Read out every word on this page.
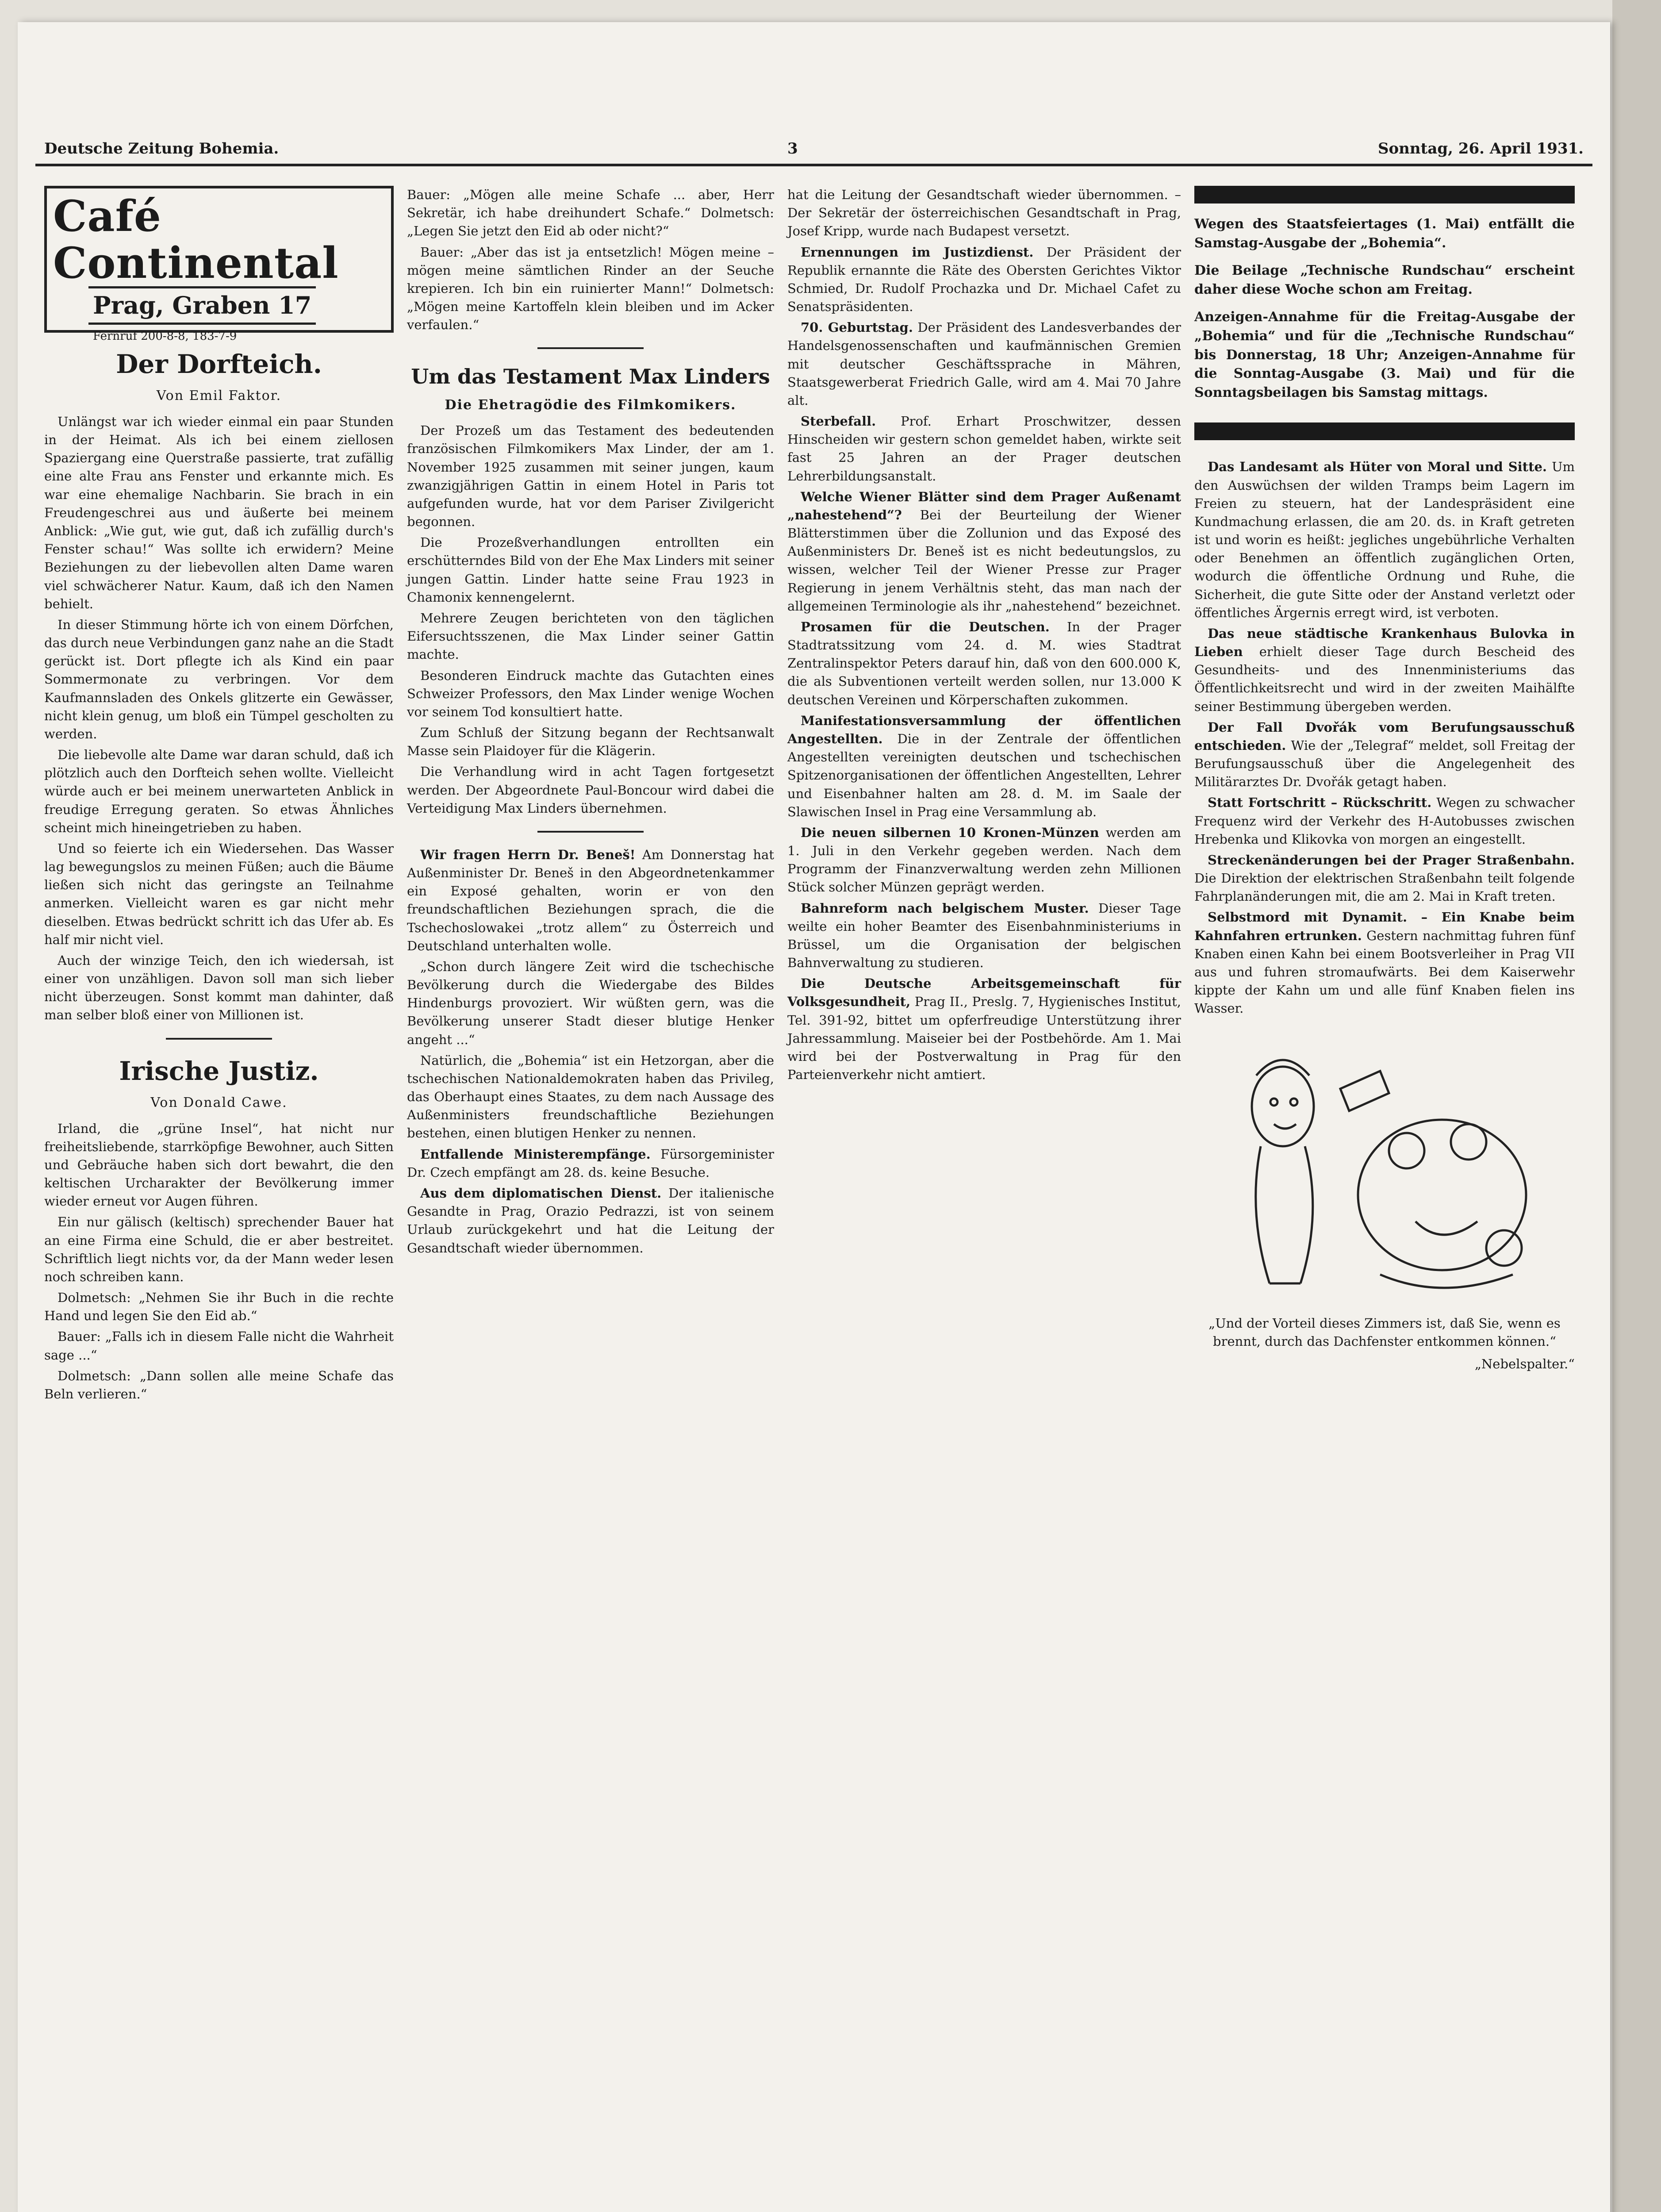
Deutsche Zeitung Bohemia.	3	Sonntag, 26. April 1931.
Café Continental
Prag, Graben 17
Fernruf 200-8-8, 183-7-9
Der Dorfteich.
Von Emil Faktor.

Unlängst war ich wieder einmal ein paar Stunden in der Heimat. Als ich bei einem ziellosen Spaziergang eine Querstraße passierte, trat zufällig eine alte Frau ans Fenster und erkannte mich. Es war eine ehemalige Nachbarin. Sie brach in ein Freudengeschrei aus und äußerte bei meinem Anblick: „Wie gut, wie gut, daß ich zufällig durch's Fenster schau!“ Was sollte ich erwidern? Meine Beziehungen zu der liebevollen alten Dame waren viel schwächerer Natur. Kaum, daß ich den Namen behielt.

In dieser Stimmung hörte ich von einem Dörfchen, das durch neue Verbindungen ganz nahe an die Stadt gerückt ist. Dort pflegte ich als Kind ein paar Sommermonate zu verbringen. Vor dem Kaufmannsladen des Onkels glitzerte ein Gewässer, nicht klein genug, um bloß ein Tümpel gescholten zu werden.

Die liebevolle alte Dame war daran schuld, daß ich plötzlich auch den Dorfteich sehen wollte. Vielleicht würde auch er bei meinem unerwarteten Anblick in freudige Erregung geraten. So etwas Ähnliches scheint mich hineingetrieben zu haben.

Und so feierte ich ein Wiedersehen. Das Wasser lag bewegungslos zu meinen Füßen; auch die Bäume ließen sich nicht das geringste an Teilnahme anmerken. Vielleicht waren es gar nicht mehr dieselben. Etwas bedrückt schritt ich das Ufer ab. Es half mir nicht viel.

Auch der winzige Teich, den ich wiedersah, ist einer von unzähligen. Davon soll man sich lieber nicht überzeugen. Sonst kommt man dahinter, daß man selber bloß einer von Millionen ist.

Irische Justiz.
Von Donald Cawe.

Irland, die „grüne Insel“, hat nicht nur freiheitsliebende, starrköpfige Bewohner, auch Sitten und Gebräuche haben sich dort bewahrt, die den keltischen Urcharakter der Bevölkerung immer wieder erneut vor Augen führen.

Ein nur gälisch (keltisch) sprechender Bauer hat an eine Firma eine Schuld, die er aber bestreitet. Schriftlich liegt nichts vor, da der Mann weder lesen noch schreiben kann.

Dolmetsch: „Nehmen Sie ihr Buch in die rechte Hand und legen Sie den Eid ab.“

Bauer: „Falls ich in diesem Falle nicht die Wahrheit sage ...“

Dolmetsch: „Dann sollen alle meine Schafe das Beln verlieren.“

Bauer: „Mögen alle meine Schafe ... aber, Herr Sekretär, ich habe dreihundert Schafe.“ Dolmetsch: „Legen Sie jetzt den Eid ab oder nicht?“

Bauer: „Aber das ist ja entsetzlich! Mögen meine – mögen meine sämtlichen Rinder an der Seuche krepieren. Ich bin ein ruinierter Mann!“ Dolmetsch: „Mögen meine Kartoffeln klein bleiben und im Acker verfaulen.“

Um das Testament Max Linders
Die Ehetragödie des Filmkomikers.

Der Prozeß um das Testament des bedeutenden französischen Filmkomikers Max Linder, der am 1. November 1925 zusammen mit seiner jungen, kaum zwanzigjährigen Gattin in einem Hotel in Paris tot aufgefunden wurde, hat vor dem Pariser Zivilgericht begonnen.

Die Prozeßverhandlungen entrollten ein erschütterndes Bild von der Ehe Max Linders mit seiner jungen Gattin. Linder hatte seine Frau 1923 in Chamonix kennengelernt.

Mehrere Zeugen berichteten von den täglichen Eifersuchtsszenen, die Max Linder seiner Gattin machte.

Besonderen Eindruck machte das Gutachten eines Schweizer Professors, den Max Linder wenige Wochen vor seinem Tod konsultiert hatte.

Zum Schluß der Sitzung begann der Rechtsanwalt Masse sein Plaidoyer für die Klägerin.

Die Verhandlung wird in acht Tagen fortgesetzt werden. Der Abgeordnete Paul-Boncour wird dabei die Verteidigung Max Linders übernehmen.

Wir fragen Herrn Dr. Beneš! Am Donnerstag hat Außenminister Dr. Beneš in den Abgeordnetenkammer ein Exposé gehalten, worin er von den freundschaftlichen Beziehungen sprach, die die Tschechoslowakei „trotz allem“ zu Österreich und Deutschland unterhalten wolle.

„Schon durch längere Zeit wird die tschechische Bevölkerung durch die Wiedergabe des Bildes Hindenburgs provoziert. Wir wüßten gern, was die Bevölkerung unserer Stadt dieser blutige Henker angeht ...“

Natürlich, die „Bohemia“ ist ein Hetzorgan, aber die tschechischen Nationaldemokraten haben das Privileg, das Oberhaupt eines Staates, zu dem nach Aussage des Außenministers freundschaftliche Beziehungen bestehen, einen blutigen Henker zu nennen.

Entfallende Ministerempfänge. Fürsorgeminister Dr. Czech empfängt am 28. ds. keine Besuche.

Aus dem diplomatischen Dienst. Der italienische Gesandte in Prag, Orazio Pedrazzi, ist von seinem Urlaub zurückgekehrt und hat die Leitung der Gesandtschaft wieder übernommen.

hat die Leitung der Gesandtschaft wieder übernommen. – Der Sekretär der österreichischen Gesandtschaft in Prag, Josef Kripp, wurde nach Budapest versetzt.

Ernennungen im Justizdienst. Der Präsident der Republik ernannte die Räte des Obersten Gerichtes Viktor Schmied, Dr. Rudolf Prochazka und Dr. Michael Cafet zu Senatspräsidenten.

70. Geburtstag. Der Präsident des Landesverbandes der Handelsgenossenschaften und kaufmännischen Gremien mit deutscher Geschäftssprache in Mähren, Staatsgewerberat Friedrich Galle, wird am 4. Mai 70 Jahre alt.

Sterbefall. Prof. Erhart Proschwitzer, dessen Hinscheiden wir gestern schon gemeldet haben, wirkte seit fast 25 Jahren an der Prager deutschen Lehrerbildungsanstalt.

Welche Wiener Blätter sind dem Prager Außenamt „nahestehend“? Bei der Beurteilung der Wiener Blätterstimmen über die Zollunion und das Exposé des Außenministers Dr. Beneš ist es nicht bedeutungslos, zu wissen, welcher Teil der Wiener Presse zur Prager Regierung in jenem Verhältnis steht, das man nach der allgemeinen Terminologie als ihr „nahestehend“ bezeichnet.

Prosamen für die Deutschen. In der Prager Stadtratssitzung vom 24. d. M. wies Stadtrat Zentralinspektor Peters darauf hin, daß von den 600.000 K, die als Subventionen verteilt werden sollen, nur 13.000 K deutschen Vereinen und Körperschaften zukommen.

Manifestationsversammlung der öffentlichen Angestellten. Die in der Zentrale der öffentlichen Angestellten vereinigten deutschen und tschechischen Spitzenorganisationen der öffentlichen Angestellten, Lehrer und Eisenbahner halten am 28. d. M. im Saale der Slawischen Insel in Prag eine Versammlung ab.

Die neuen silbernen 10 Kronen-Münzen werden am 1. Juli in den Verkehr gegeben werden. Nach dem Programm der Finanzverwaltung werden zehn Millionen Stück solcher Münzen geprägt werden.

Bahnreform nach belgischem Muster. Dieser Tage weilte ein hoher Beamter des Eisenbahnministeriums in Brüssel, um die Organisation der belgischen Bahnverwaltung zu studieren.

Die Deutsche Arbeitsgemeinschaft für Volksgesundheit, Prag II., Preslg. 7, Hygienisches Institut, Tel. 391-92, bittet um opferfreudige Unterstützung ihrer Jahressammlung. Maiseier bei der Postbehörde. Am 1. Mai wird bei der Postverwaltung in Prag für den Parteienverkehr nicht amtiert.

Wegen des Staatsfeiertages (1. Mai) entfällt die Samstag-Ausgabe der „Bohemia“.

Die Beilage „Technische Rundschau“ erscheint daher diese Woche schon am Freitag.

Anzeigen-Annahme für die Freitag-Ausgabe der „Bohemia“ und für die „Technische Rundschau“ bis Donnerstag, 18 Uhr; Anzeigen-Annahme für die Sonntag-Ausgabe (3. Mai) und für die Sonntagsbeilagen bis Samstag mittags.

Das Landesamt als Hüter von Moral und Sitte. Um den Auswüchsen der wilden Tramps beim Lagern im Freien zu steuern, hat der Landespräsident eine Kundmachung erlassen, die am 20. ds. in Kraft getreten ist und worin es heißt: jegliches ungebührliche Verhalten oder Benehmen an öffentlich zugänglichen Orten, wodurch die öffentliche Ordnung und Ruhe, die Sicherheit, die gute Sitte oder der Anstand verletzt oder öffentliches Ärgernis erregt wird, ist verboten.

Das neue städtische Krankenhaus Bulovka in Lieben erhielt dieser Tage durch Bescheid des Gesundheits- und des Innenministeriums das Öffentlichkeitsrecht und wird in der zweiten Maihälfte seiner Bestimmung übergeben werden.

Der Fall Dvořák vom Berufungsausschuß entschieden. Wie der „Telegraf“ meldet, soll Freitag der Berufungsausschuß über die Angelegenheit des Militärarztes Dr. Dvořák getagt haben.

Statt Fortschritt – Rückschritt. Wegen zu schwacher Frequenz wird der Verkehr des H-Autobusses zwischen Hrebenka und Klikovka von morgen an eingestellt.

Streckenänderungen bei der Prager Straßenbahn. Die Direktion der elektrischen Straßenbahn teilt folgende Fahrplanänderungen mit, die am 2. Mai in Kraft treten.

Selbstmord mit Dynamit. – Ein Knabe beim Kahnfahren ertrunken. Gestern nachmittag fuhren fünf Knaben einen Kahn bei einem Bootsverleiher in Prag VII aus und fuhren stromaufwärts. Bei dem Kaiserwehr kippte der Kahn um und alle fünf Knaben fielen ins Wasser.

„Und der Vorteil dieses Zimmers ist, daß Sie, wenn es brennt, durch das Dachfenster entkommen können.“
„Nebelspalter.“
